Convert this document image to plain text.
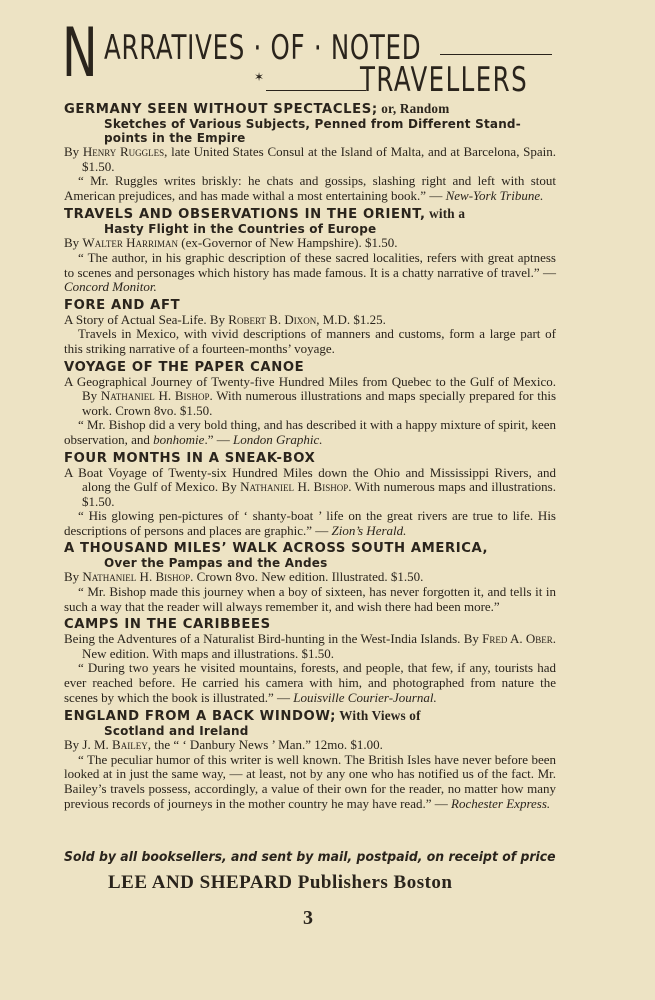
N ARRATIVES · OF · NOTED
✶	TRAVELLERS

GERMANY SEEN WITHOUT SPECTACLES; or, Random

Sketches of Various Subjects, Penned from Different Stand-points in the Empire

By Henry Ruggles, late United States Consul at the Island of Malta, and at Barcelona, Spain. $1.50.

“ Mr. Ruggles writes briskly: he chats and gossips, slashing right and left with stout American prejudices, and has made withal a most entertaining book.” — New-York Tribune.

TRAVELS AND OBSERVATIONS IN THE ORIENT, with a

Hasty Flight in the Countries of Europe

By Walter Harriman (ex-Governor of New Hampshire). $1.50.

“ The author, in his graphic description of these sacred localities, refers with great aptness to scenes and personages which history has made famous. It is a chatty narrative of travel.” — Concord Monitor.

FORE AND AFT

A Story of Actual Sea-Life. By Robert B. Dixon, M.D. $1.25.

Travels in Mexico, with vivid descriptions of manners and customs, form a large part of this striking narrative of a fourteen-months’ voyage.

VOYAGE OF THE PAPER CANOE

A Geographical Journey of Twenty-five Hundred Miles from Quebec to the Gulf of Mexico. By Nathaniel H. Bishop. With numerous illustrations and maps specially prepared for this work. Crown 8vo. $1.50.

“ Mr. Bishop did a very bold thing, and has described it with a happy mixture of spirit, keen observation, and bonhomie.” — London Graphic.

FOUR MONTHS IN A SNEAK-BOX

A Boat Voyage of Twenty-six Hundred Miles down the Ohio and Mississippi Rivers, and along the Gulf of Mexico. By Nathaniel H. Bishop. With numerous maps and illustrations. $1.50.

“ His glowing pen-pictures of ‘ shanty-boat ’ life on the great rivers are true to life. His descriptions of persons and places are graphic.” — Zion’s Herald.

A THOUSAND MILES’ WALK ACROSS SOUTH AMERICA,

Over the Pampas and the Andes

By Nathaniel H. Bishop. Crown 8vo. New edition. Illustrated. $1.50.

“ Mr. Bishop made this journey when a boy of sixteen, has never forgotten it, and tells it in such a way that the reader will always remember it, and wish there had been more.”

CAMPS IN THE CARIBBEES

Being the Adventures of a Naturalist Bird-hunting in the West-India Islands. By Fred A. Ober. New edition. With maps and illustrations. $1.50.

“ During two years he visited mountains, forests, and people, that few, if any, tourists had ever reached before. He carried his camera with him, and photographed from nature the scenes by which the book is illustrated.” — Louisville Courier-Journal.

ENGLAND FROM A BACK WINDOW; With Views of

Scotland and Ireland

By J. M. Bailey, the “ ‘ Danbury News ’ Man.” 12mo. $1.00.

“ The peculiar humor of this writer is well known. The British Isles have never before been looked at in just the same way, — at least, not by any one who has notified us of the fact. Mr. Bailey’s travels possess, accordingly, a value of their own for the reader, no matter how many previous records of journeys in the mother country he may have read.” — Rochester Express.

Sold by all booksellers, and sent by mail, postpaid, on receipt of price
LEE AND SHEPARD Publishers Boston
3
